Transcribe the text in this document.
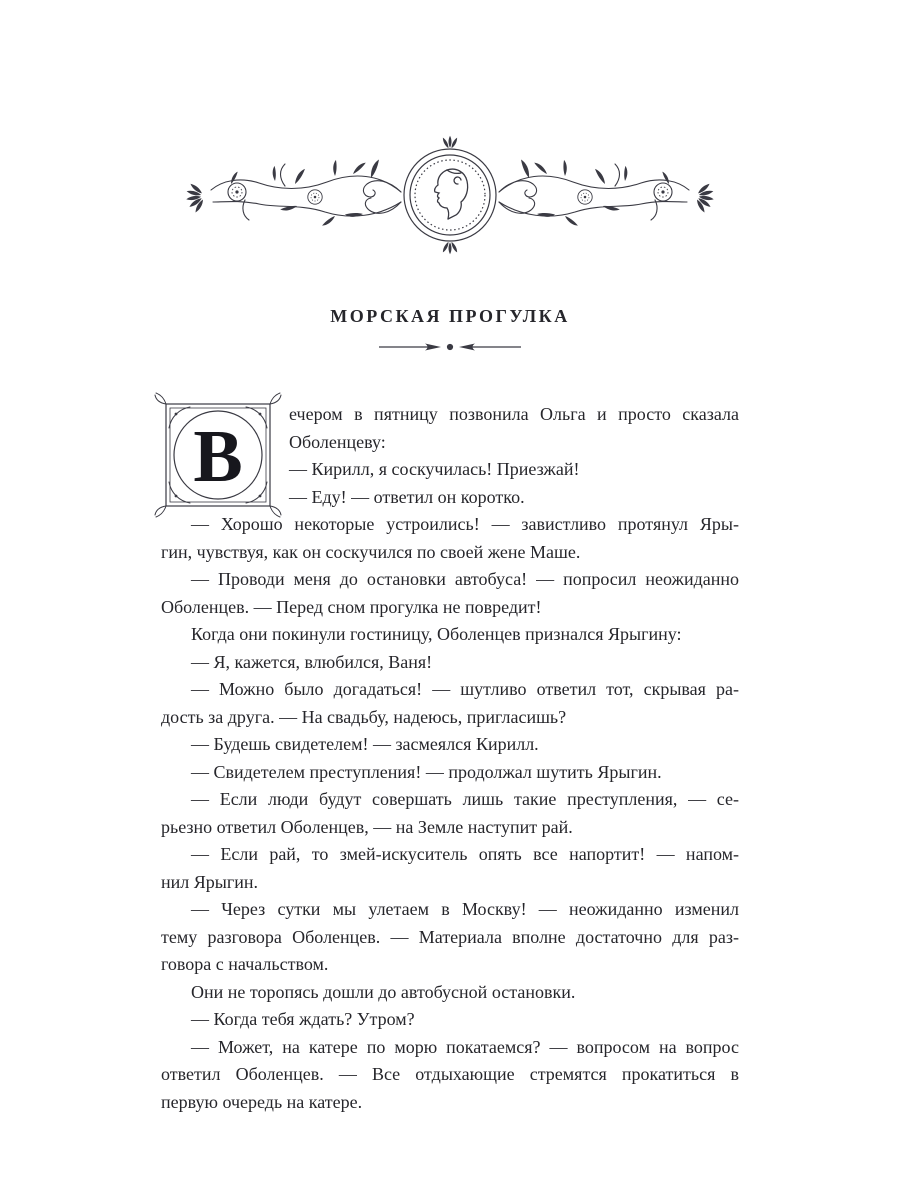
МОРСКАЯ ПРОГУЛКА
В
ечером в пятницу позвонила Ольга и просто сказала
Оболенцеву:
— Кирилл, я соскучилась! Приезжай!
— Еду! — ответил он коротко.
— Хорошо некоторые устроились! — завистливо протянул Яры-
гин, чувствуя, как он соскучился по своей жене Маше.
— Проводи меня до остановки автобуса! — попросил неожиданно
Оболенцев. — Перед сном прогулка не повредит!
Когда они покинули гостиницу, Оболенцев признался Ярыгину:
— Я, кажется, влюбился, Ваня!
— Можно было догадаться! — шутливо ответил тот, скрывая ра-
дость за друга. — На свадьбу, надеюсь, пригласишь?
— Будешь свидетелем! — засмеялся Кирилл.
— Свидетелем преступления! — продолжал шутить Ярыгин.
— Если люди будут совершать лишь такие преступления, — се-
рьезно ответил Оболенцев, — на Земле наступит рай.
— Если рай, то змей-искуситель опять все напортит! — напом-
нил Ярыгин.
— Через сутки мы улетаем в Москву! — неожиданно изменил
тему разговора Оболенцев. — Материала вполне достаточно для раз-
говора с начальством.
Они не торопясь дошли до автобусной остановки.
— Когда тебя ждать? Утром?
— Может, на катере по морю покатаемся? — вопросом на вопрос
ответил Оболенцев. — Все отдыхающие стремятся прокатиться в
первую очередь на катере.
